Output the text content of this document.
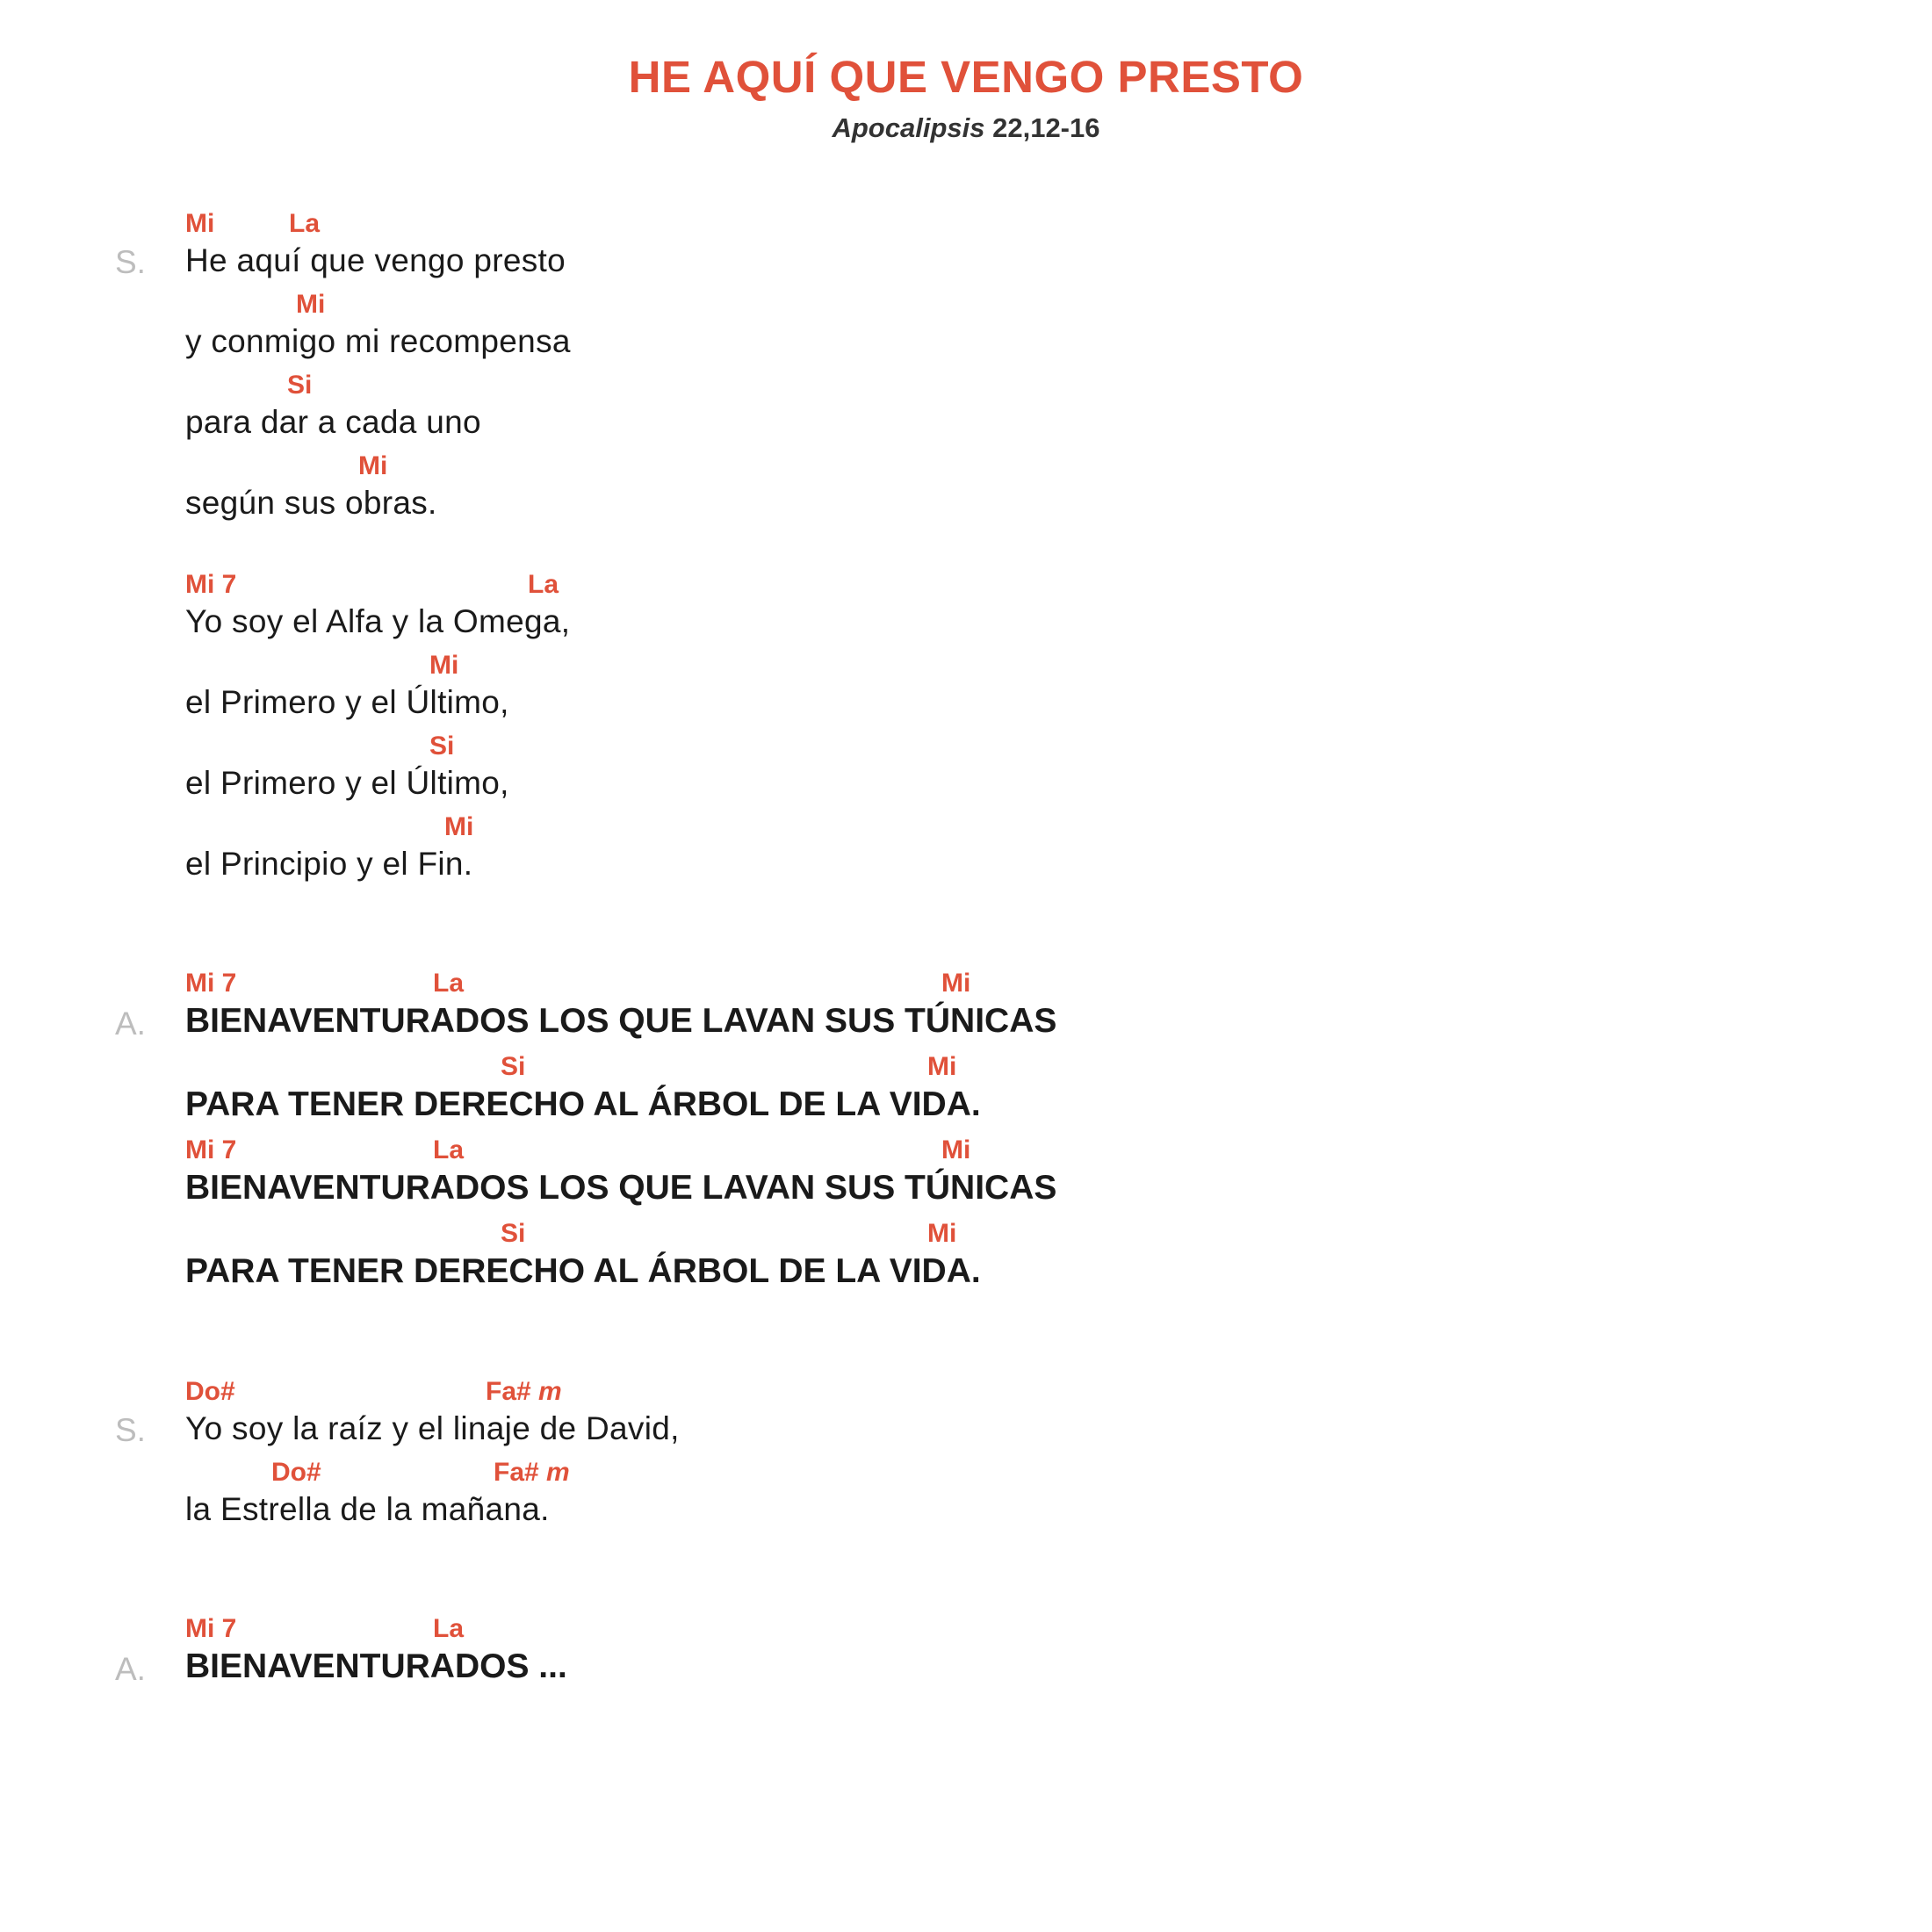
HE AQUÍ QUE VENGO PRESTO
Apocalipsis 22,12-16
Mi	La
S. He aquí que vengo presto
Mi
y conmigo mi recompensa
Si
para dar a cada uno
Mi
según sus obras.
Mi 7	La
Yo soy el Alfa y la Omega,
Mi
el Primero y el Último,
Si
el Primero y el Último,
Mi
el Principio y el Fin.
Mi 7	La	Mi
A. BIENAVENTURADOS LOS QUE LAVAN SUS TÚNICAS
Si	Mi
PARA TENER DERECHO AL ÁRBOL DE LA VIDA.
Mi 7	La	Mi
BIENAVENTURADOS LOS QUE LAVAN SUS TÚNICAS
Si	Mi
PARA TENER DERECHO AL ÁRBOL DE LA VIDA.
Do#	Fa# m
S. Yo soy la raíz y el linaje de David,
Do#	Fa# m
la Estrella de la mañana.
Mi 7	La
A. BIENAVENTURADOS ...
